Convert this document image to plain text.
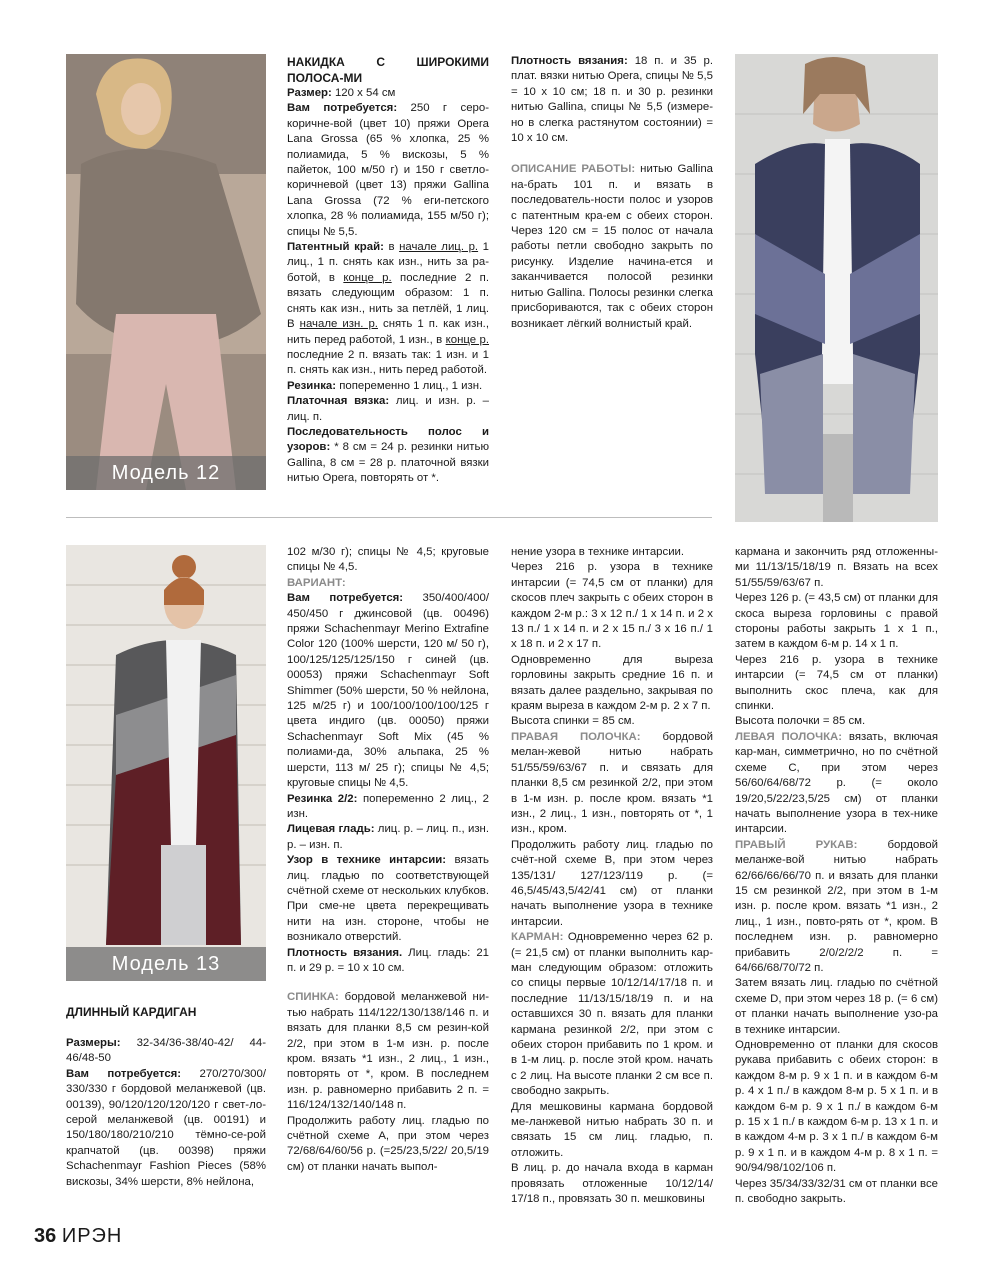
Модель 12

НАКИДКА С ШИРОКИМИ ПОЛОСА-МИ

Размер: 120 х 54 см

Вам потребуется: 250 г серо-коричне-вой (цвет 10) пряжи Opera Lana Grossa (65 % хлопка, 25 % полиамида, 5 % вискозы, 5 % пайеток, 100 м/50 г) и 150 г светло-коричневой (цвет 13) пряжи Gallina Lana Grossa (72 % еги-петского хлопка, 28 % полиамида, 155 м/50 г); спицы № 5,5.

Патентный край: в начале лиц. р. 1 лиц., 1 п. снять как изн., нить за ра-ботой, в конце р. последние 2 п. вязать следующим образом: 1 п. снять как изн., нить за петлёй, 1 лиц. В начале изн. р. снять 1 п. как изн., нить перед работой, 1 изн., в конце р. последние 2 п. вязать так: 1 изн. и 1 п. снять как изн., нить перед работой.

Резинка: попеременно 1 лиц., 1 изн.

Платочная вязка: лиц. и изн. р. – лиц. п.

Последовательность полос и узоров: * 8 см = 24 р. резинки нитью Gallina, 8 см = 28 р. платочной вязки нитью Opera, повторять от *.

Плотность вязания: 18 п. и 35 р. плат. вязки нитью Opera, спицы № 5,5 = 10 х 10 см; 18 п. и 30 р. резинки нитью Gallina, спицы № 5,5 (измере-но в слегка растянутом состоянии) = 10 х 10 см.

ОПИСАНИЕ РАБОТЫ: нитью Gallina на-брать 101 п. и вязать в последователь-ности полос и узоров с патентным кра-ем с обеих сторон. Через 120 см = 15 полос от начала работы петли свободно закрыть по рисунку. Изделие начина-ется и заканчивается полосой резинки нитью Gallina. Полосы резинки слегка присбориваются, так с обеих сторон возникает лёгкий волнистый край.

Модель 13

ДЛИННЫЙ КАРДИГАН

Размеры: 32-34/36-38/40-42/ 44-46/48-50

Вам потребуется: 270/270/300/ 330/330 г бордовой меланжевой (цв. 00139), 90/120/120/120/120 г свет-ло-серой меланжевой (цв. 00191) и 150/180/180/210/210 тёмно-се-рой крапчатой (цв. 00398) пряжи Schachenmayr Fashion Pieces (58% вискозы, 34% шерсти, 8% нейлона,

102 м/30 г); спицы № 4,5; круговые спицы № 4,5.

ВАРИАНТ:

Вам потребуется: 350/400/400/ 450/450 г джинсовой (цв. 00496) пряжи Schachenmayr Merino Extrafine Color 120 (100% шерсти, 120 м/ 50 г), 100/125/125/125/150 г синей (цв. 00053) пряжи Schachenmayr Soft Shimmer (50% шерсти, 50 % нейлона, 125 м/25 г) и 100/100/100/100/125 г цвета индиго (цв. 00050) пряжи Schachenmayr Soft Mix (45 % полиами-да, 30% альпака, 25 % шерсти, 113 м/ 25 г); спицы № 4,5; круговые спицы № 4,5.

Резинка 2/2: попеременно 2 лиц., 2 изн.

Лицевая гладь: лиц. р. – лиц. п., изн. р. – изн. п.

Узор в технике интарсии: вязать лиц. гладью по соответствующей счётной схеме от нескольких клубков. При сме-не цвета перекрещивать нити на изн. стороне, чтобы не возникало отверстий.

Плотность вязания. Лиц. гладь: 21 п. и 29 р. = 10 х 10 см.

СПИНКА: бордовой меланжевой ни-тью набрать 114/122/130/138/146 п. и вязать для планки 8,5 см резин-кой 2/2, при этом в 1-м изн. р. после кром. вязать *1 изн., 2 лиц., 1 изн., повторять от *, кром. В последнем изн. р. равномерно прибавить 2 п. = 116/124/132/140/148 п.

Продолжить работу лиц. гладью по счётной схеме A, при этом через 72/68/64/60/56 р. (=25/23,5/22/ 20,5/19 см) от планки начать выпол-

нение узора в технике интарсии.

Через 216 р. узора в технике интарсии (= 74,5 см от планки) для скосов плеч закрыть с обеих сторон в каждом 2-м р.: 3 х 12 п./ 1 х 14 п. и 2 х 13 п./ 1 х 14 п. и 2 х 15 п./ 3 х 16 п./ 1 х 18 п. и 2 х 17 п.

Одновременно для выреза горловины закрыть средние 16 п. и вязать далее раздельно, закрывая по краям выреза в каждом 2-м р. 2 х 7 п.

Высота спинки = 85 см.

ПРАВАЯ ПОЛОЧКА: бордовой мелан-жевой нитью набрать 51/55/59/63/67 п. и связать для планки 8,5 см резинкой 2/2, при этом в 1-м изн. р. после кром. вязать *1 изн., 2 лиц., 1 изн., повторять от *, 1 изн., кром.

Продолжить работу лиц. гладью по счёт-ной схеме B, при этом через 135/131/ 127/123/119 р. (= 46,5/45/43,5/42/41 см) от планки начать выполнение узора в технике интарсии.

КАРМАН: Одновременно через 62 р. (= 21,5 см) от планки выполнить кар-ман следующим образом: отложить со спицы первые 10/12/14/17/18 п. и последние 11/13/15/18/19 п. и на оставшихся 30 п. вязать для планки кармана резинкой 2/2, при этом с обеих сторон прибавить по 1 кром. и в 1-м лиц. р. после этой кром. начать с 2 лиц. На высоте планки 2 см все п. свободно закрыть.

Для мешковины кармана бордовой ме-ланжевой нитью набрать 30 п. и связать 15 см лиц. гладью, п. отложить.

В лиц. р. до начала входа в карман провязать отложенные 10/12/14/ 17/18 п., провязать 30 п. мешковины

кармана и закончить ряд отложенны-ми 11/13/15/18/19 п. Вязать на всех 51/55/59/63/67 п.

Через 126 р. (= 43,5 см) от планки для скоса выреза горловины с правой стороны работы закрыть 1 х 1 п., затем в каждом 6-м р. 14 х 1 п.

Через 216 р. узора в технике интарсии (= 74,5 см от планки) выполнить скос плеча, как для спинки.

Высота полочки = 85 см.

ЛЕВАЯ ПОЛОЧКА: вязать, включая кар-ман, симметрично, но по счётной схеме C, при этом через 56/60/64/68/72 р. (= около 19/20,5/22/23,5/25 см) от планки начать выполнение узора в тех-нике интарсии.

ПРАВЫЙ РУКАВ: бордовой меланже-вой нитью набрать 62/66/66/66/70 п. и вязать для планки 15 см резинкой 2/2, при этом в 1-м изн. р. после кром. вязать *1 изн., 2 лиц., 1 изн., повто-рять от *, кром. В последнем изн. р. равномерно прибавить 2/0/2/2/2 п. = 64/66/68/70/72 п.

Затем вязать лиц. гладью по счётной схеме D, при этом через 18 р. (= 6 см) от планки начать выполнение узо-ра в технике интарсии.

Одновременно от планки для скосов рукава прибавить с обеих сторон: в каждом 8-м р. 9 х 1 п. и в каждом 6-м р. 4 х 1 п./ в каждом 8-м р. 5 х 1 п. и в каждом 6-м р. 9 х 1 п./ в каждом 6-м р. 15 х 1 п./ в каждом 6-м р. 13 х 1 п. и в каждом 4-м р. 3 х 1 п./ в каждом 6-м р. 9 х 1 п. и в каждом 4-м р. 8 х 1 п. = 90/94/98/102/106 п.

Через 35/34/33/32/31 см от планки все п. свободно закрыть.

36 ИРЭН
